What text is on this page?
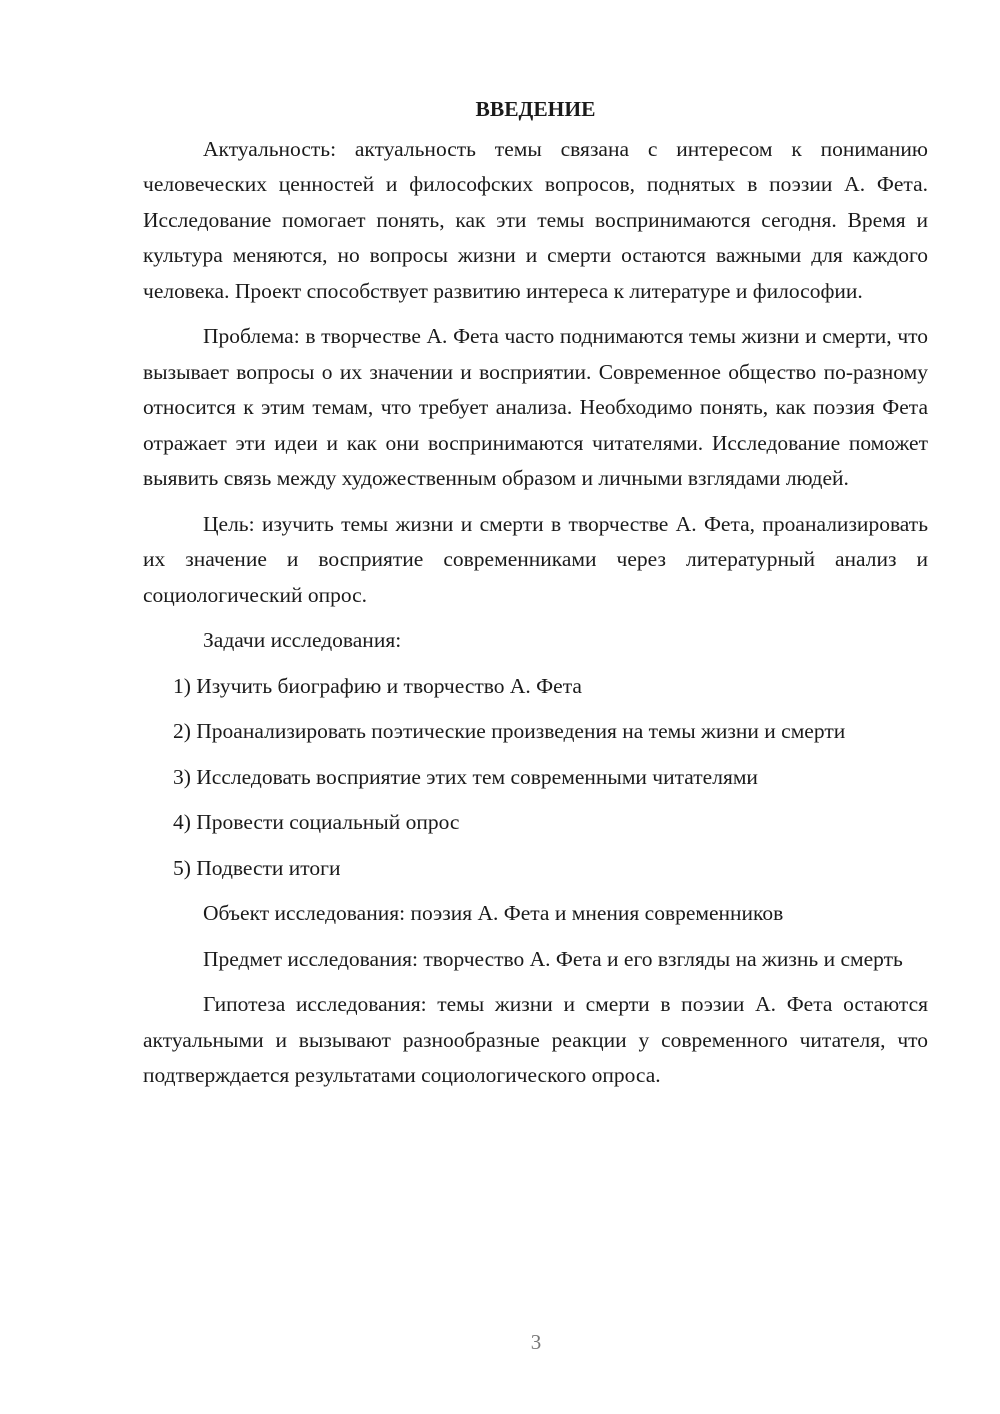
ВВЕДЕНИЕ

Актуальность: актуальность темы связана с интересом к пониманию человеческих ценностей и философских вопросов, поднятых в поэзии А. Фета. Исследование помогает понять, как эти темы воспринимаются сегодня. Время и культура меняются, но вопросы жизни и смерти остаются важными для каждого человека. Проект способствует развитию интереса к литературе и философии.

Проблема: в творчестве А. Фета часто поднимаются темы жизни и смерти, что вызывает вопросы о их значении и восприятии. Современное общество по-разному относится к этим темам, что требует анализа. Необходимо понять, как поэзия Фета отражает эти идеи и как они воспринимаются читателями. Исследование поможет выявить связь между художественным образом и личными взглядами людей.

Цель: изучить темы жизни и смерти в творчестве А. Фета, проанализировать их значение и восприятие современниками через литературный анализ и социологический опрос.

Задачи исследования:

1) Изучить биографию и творчество А. Фета

2) Проанализировать поэтические произведения на темы жизни и смерти

3) Исследовать восприятие этих тем современными читателями

4) Провести социальный опрос

5) Подвести итоги

Объект исследования: поэзия А. Фета и мнения современников

Предмет исследования: творчество А. Фета и его взгляды на жизнь и смерть

Гипотеза исследования: темы жизни и смерти в поэзии А. Фета остаются актуальными и вызывают разнообразные реакции у современного читателя, что подтверждается результатами социологического опроса.

3
